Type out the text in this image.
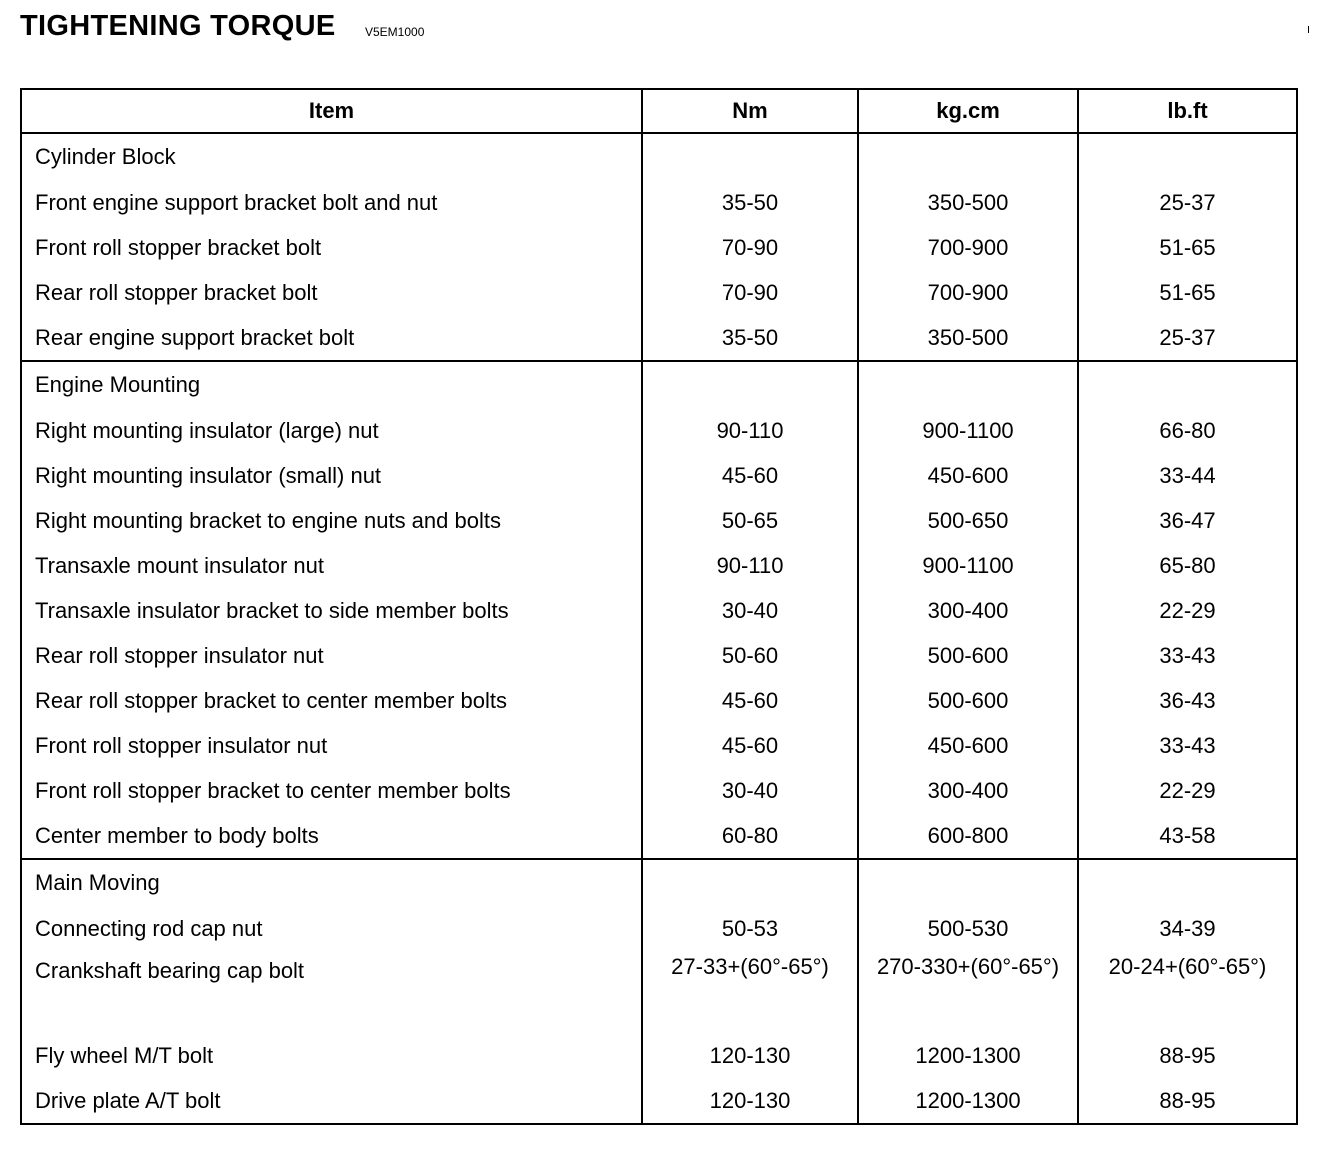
TIGHTENING TORQUE V5EM1000
Item	Nm	kg.cm	lb.ft
Cylinder Block			
Front engine support bracket bolt and nut	35-50	350-500	25-37
Front roll stopper bracket bolt	70-90	700-900	51-65
Rear roll stopper bracket bolt	70-90	700-900	51-65
Rear engine support bracket bolt	35-50	350-500	25-37
Engine Mounting			
Right mounting insulator (large) nut	90-110	900-1100	66-80
Right mounting insulator (small) nut	45-60	450-600	33-44
Right mounting bracket to engine nuts and bolts	50-65	500-650	36-47
Transaxle mount insulator nut	90-110	900-1100	65-80
Transaxle insulator bracket to side member bolts	30-40	300-400	22-29
Rear roll stopper insulator nut	50-60	500-600	33-43
Rear roll stopper bracket to center member bolts	45-60	500-600	36-43
Front roll stopper insulator nut	45-60	450-600	33-43
Front roll stopper bracket to center member bolts	30-40	300-400	22-29
Center member to body bolts	60-80	600-800	43-58
Main Moving			
Connecting rod cap nut	50-53	500-530	34-39
Crankshaft bearing cap bolt	27-33+(60°-65°)	270-330+(60°-65°)	20-24+(60°-65°)
Fly wheel M/T bolt	120-130	1200-1300	88-95
Drive plate A/T bolt	120-130	1200-1300	88-95
